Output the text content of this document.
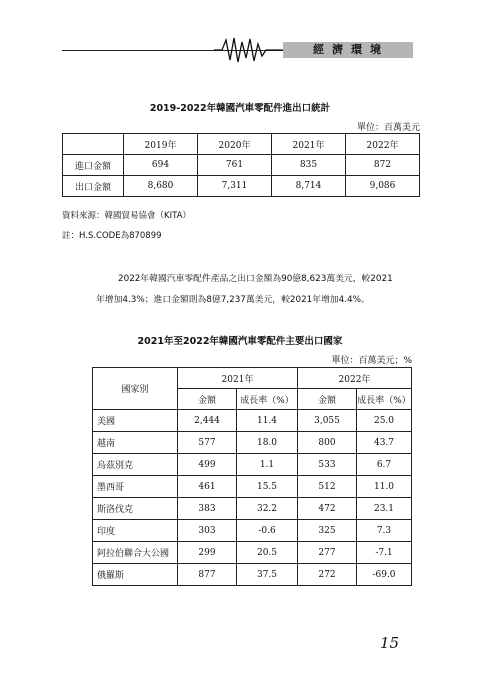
經濟環境
2019-2022年韓國汽車零配件進出口統計
單位：百萬美元
	2019年	2020年	2021年	2022年
進口金額	694	761	835	872
出口金額	8,680	7,311	8,714	9,086
資料來源：韓國貿易協會（KITA）
註：H.S.CODE為870899
2022年韓國汽車零配件產品之出口金額為90億8,623萬美元，較2021
年增加4.3%；進口金額則為8億7,237萬美元，較2021年增加4.4%。
2021年至2022年韓國汽車零配件主要出口國家
單位：百萬美元；%
國家別	2021年		2022年	
	金額	成長率（%）	金額	成長率（%）
美國	2,444	11.4	3,055	25.0
越南	577	18.0	800	43.7
烏茲別克	499	1.1	533	6.7
墨西哥	461	15.5	512	11.0
斯洛伐克	383	32.2	472	23.1
印度	303	-0.6	325	7.3
阿拉伯聯合大公國	299	20.5	277	-7.1
俄羅斯	877	37.5	272	-69.0
15
